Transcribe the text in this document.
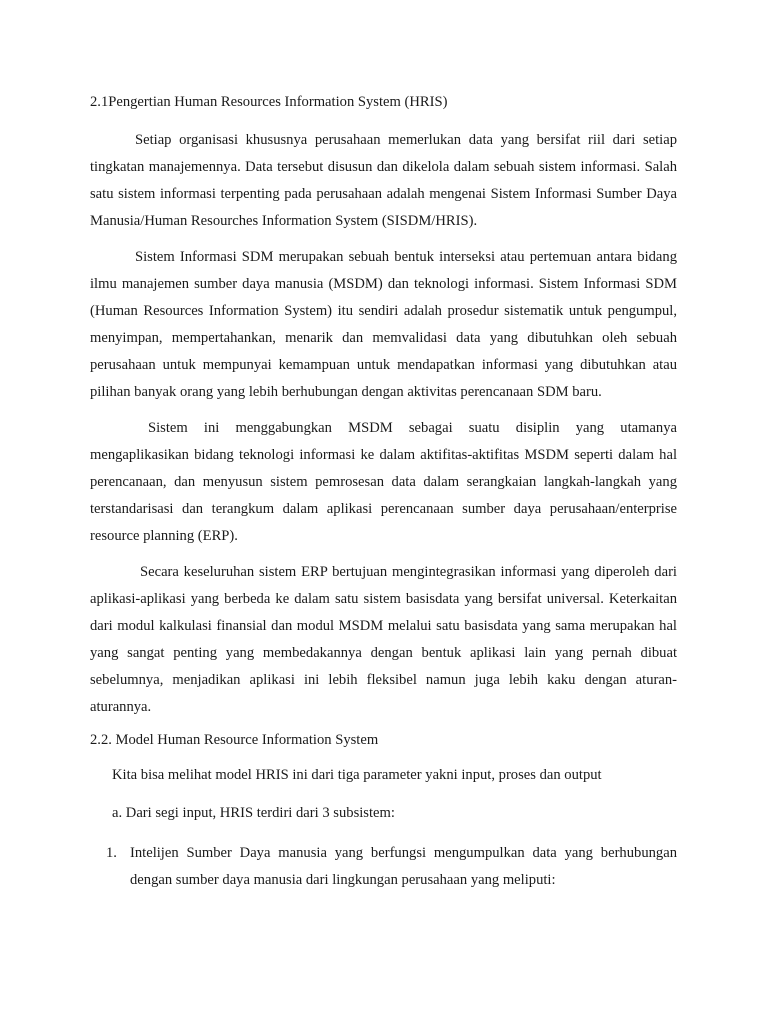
2.1Pengertian Human Resources Information System (HRIS)

Setiap organisasi khususnya perusahaan memerlukan data yang bersifat riil dari setiap tingkatan manajemennya. Data tersebut disusun dan dikelola dalam sebuah sistem informasi. Salah satu sistem informasi terpenting pada perusahaan adalah mengenai Sistem Informasi Sumber Daya Manusia/Human Resourches Information System (SISDM/HRIS).

Sistem Informasi SDM merupakan sebuah bentuk interseksi atau pertemuan antara bidang ilmu manajemen sumber daya manusia (MSDM) dan teknologi informasi. Sistem Informasi SDM (Human Resources Information System) itu sendiri adalah prosedur sistematik untuk pengumpul, menyimpan, mempertahankan, menarik dan memvalidasi data yang dibutuhkan oleh sebuah perusahaan untuk mempunyai kemampuan untuk mendapatkan informasi yang dibutuhkan atau pilihan banyak orang yang lebih berhubungan dengan aktivitas perencanaan SDM baru.

Sistem ini menggabungkan MSDM sebagai suatu disiplin yang utamanya mengaplikasikan bidang teknologi informasi ke dalam aktifitas-aktifitas MSDM seperti dalam hal perencanaan, dan menyusun sistem pemrosesan data dalam serangkaian langkah-langkah yang terstandarisasi dan terangkum dalam aplikasi perencanaan sumber daya perusahaan/enterprise resource planning (ERP).

Secara keseluruhan sistem ERP bertujuan mengintegrasikan informasi yang diperoleh dari aplikasi-aplikasi yang berbeda ke dalam satu sistem basisdata yang bersifat universal. Keterkaitan dari modul kalkulasi finansial dan modul MSDM melalui satu basisdata yang sama merupakan hal yang sangat penting yang membedakannya dengan bentuk aplikasi lain yang pernah dibuat sebelumnya, menjadikan aplikasi ini lebih fleksibel namun juga lebih kaku dengan aturan-aturannya.

2.2. Model Human Resource Information System

Kita bisa melihat model HRIS ini dari tiga parameter yakni input, proses dan output

a. Dari segi input, HRIS terdiri dari 3 subsistem:

1. Intelijen Sumber Daya manusia yang berfungsi mengumpulkan data yang berhubungan dengan sumber daya manusia dari lingkungan perusahaan yang meliputi:
